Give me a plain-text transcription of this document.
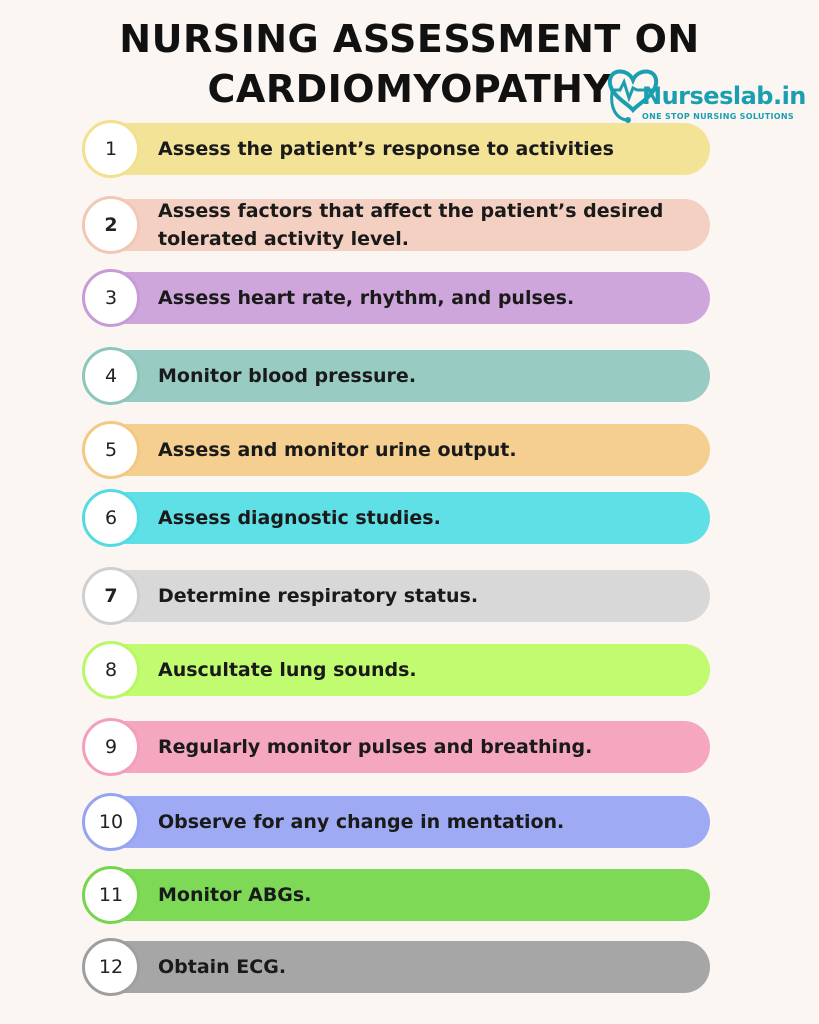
NURSING ASSESSMENT ON
CARDIOMYOPATHY	Nurseslab.in
ONE STOP NURSING SOLUTIONS
1	Assess the patient’s response to activities
2
Assess factors that affect the patient’s desired tolerated activity level.
3	Assess heart rate, rhythm, and pulses.
4	Monitor blood pressure.
5	Assess and monitor urine output.
6	Assess diagnostic studies.
7	Determine respiratory status.
8	Auscultate lung sounds.
9	Regularly monitor pulses and breathing.
10	Observe for any change in mentation.
11	Monitor ABGs.
12	Obtain ECG.
